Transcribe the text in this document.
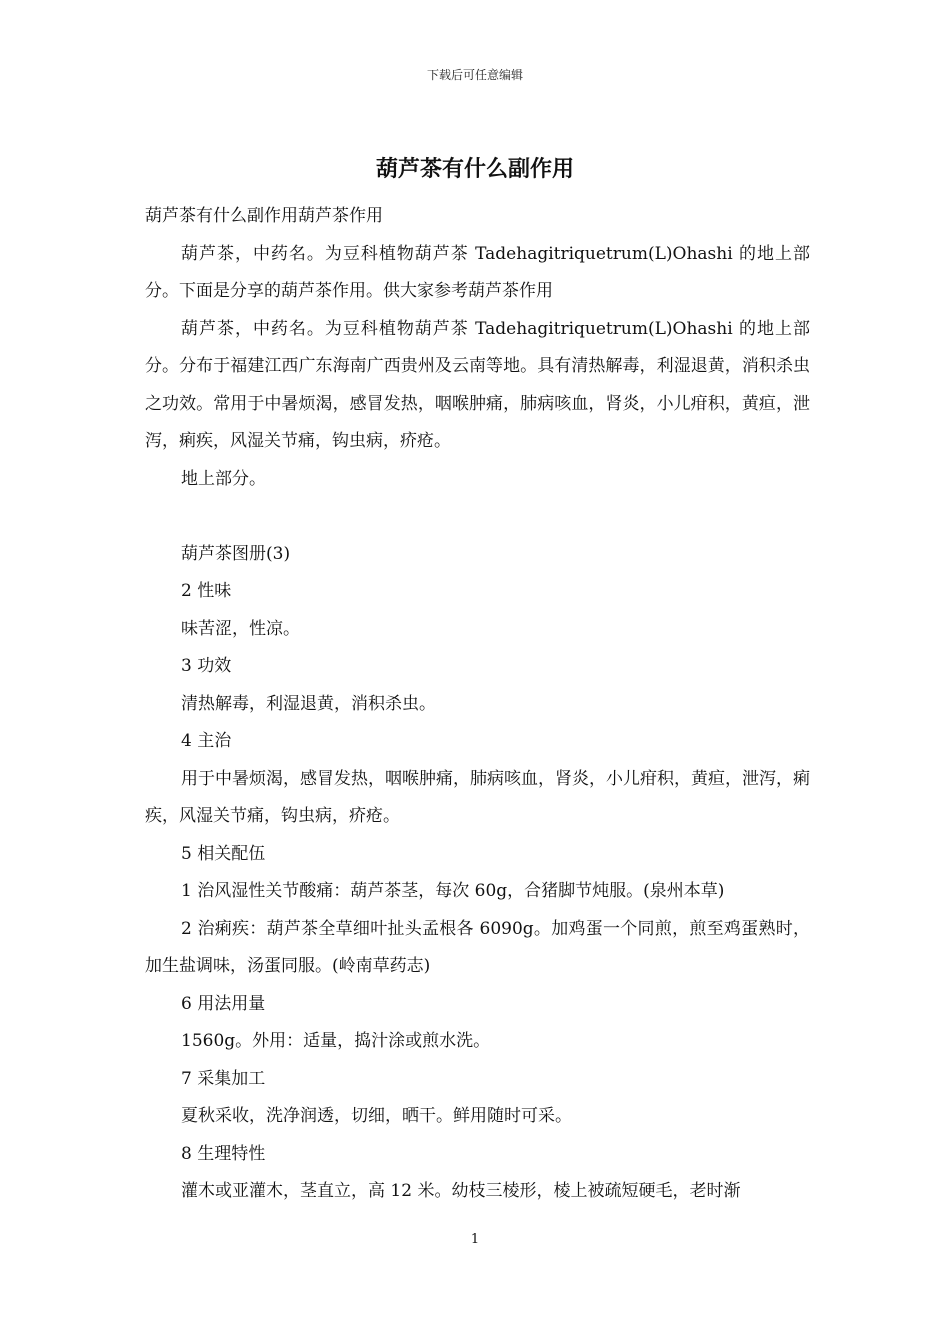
下载后可任意编辑
葫芦茶有什么副作用

葫芦茶有什么副作用葫芦茶作用

葫芦茶，中药名。为豆科植物葫芦茶 Tadehagitriquetrum(L)Ohashi 的地上部分。下面是分享的葫芦茶作用。供大家参考葫芦茶作用

葫芦茶，中药名。为豆科植物葫芦茶 Tadehagitriquetrum(L)Ohashi 的地上部分。分布于福建江西广东海南广西贵州及云南等地。具有清热解毒，利湿退黄，消积杀虫之功效。常用于中暑烦渴，感冒发热，咽喉肿痛，肺病咳血，肾炎，小儿疳积，黄疸，泄泻，痢疾，风湿关节痛，钩虫病，疥疮。

地上部分。

葫芦茶图册(3)

2 性味

味苦涩，性凉。

3 功效

清热解毒，利湿退黄，消积杀虫。

4 主治

用于中暑烦渴，感冒发热，咽喉肿痛，肺病咳血，肾炎，小儿疳积，黄疸，泄泻，痢疾，风湿关节痛，钩虫病，疥疮。

5 相关配伍

1 治风湿性关节酸痛：葫芦茶茎，每次 60g，合猪脚节炖服。(泉州本草)

2 治痢疾：葫芦茶全草细叶扯头孟根各 6090g。加鸡蛋一个同煎，煎至鸡蛋熟时，加生盐调味，汤蛋同服。(岭南草药志)

6 用法用量

1560g。外用：适量，捣汁涂或煎水洗。

7 采集加工

夏秋采收，洗净润透，切细，晒干。鲜用随时可采。

8 生理特性

灌木或亚灌木，茎直立，高 12 米。幼枝三棱形，棱上被疏短硬毛，老时渐

1
